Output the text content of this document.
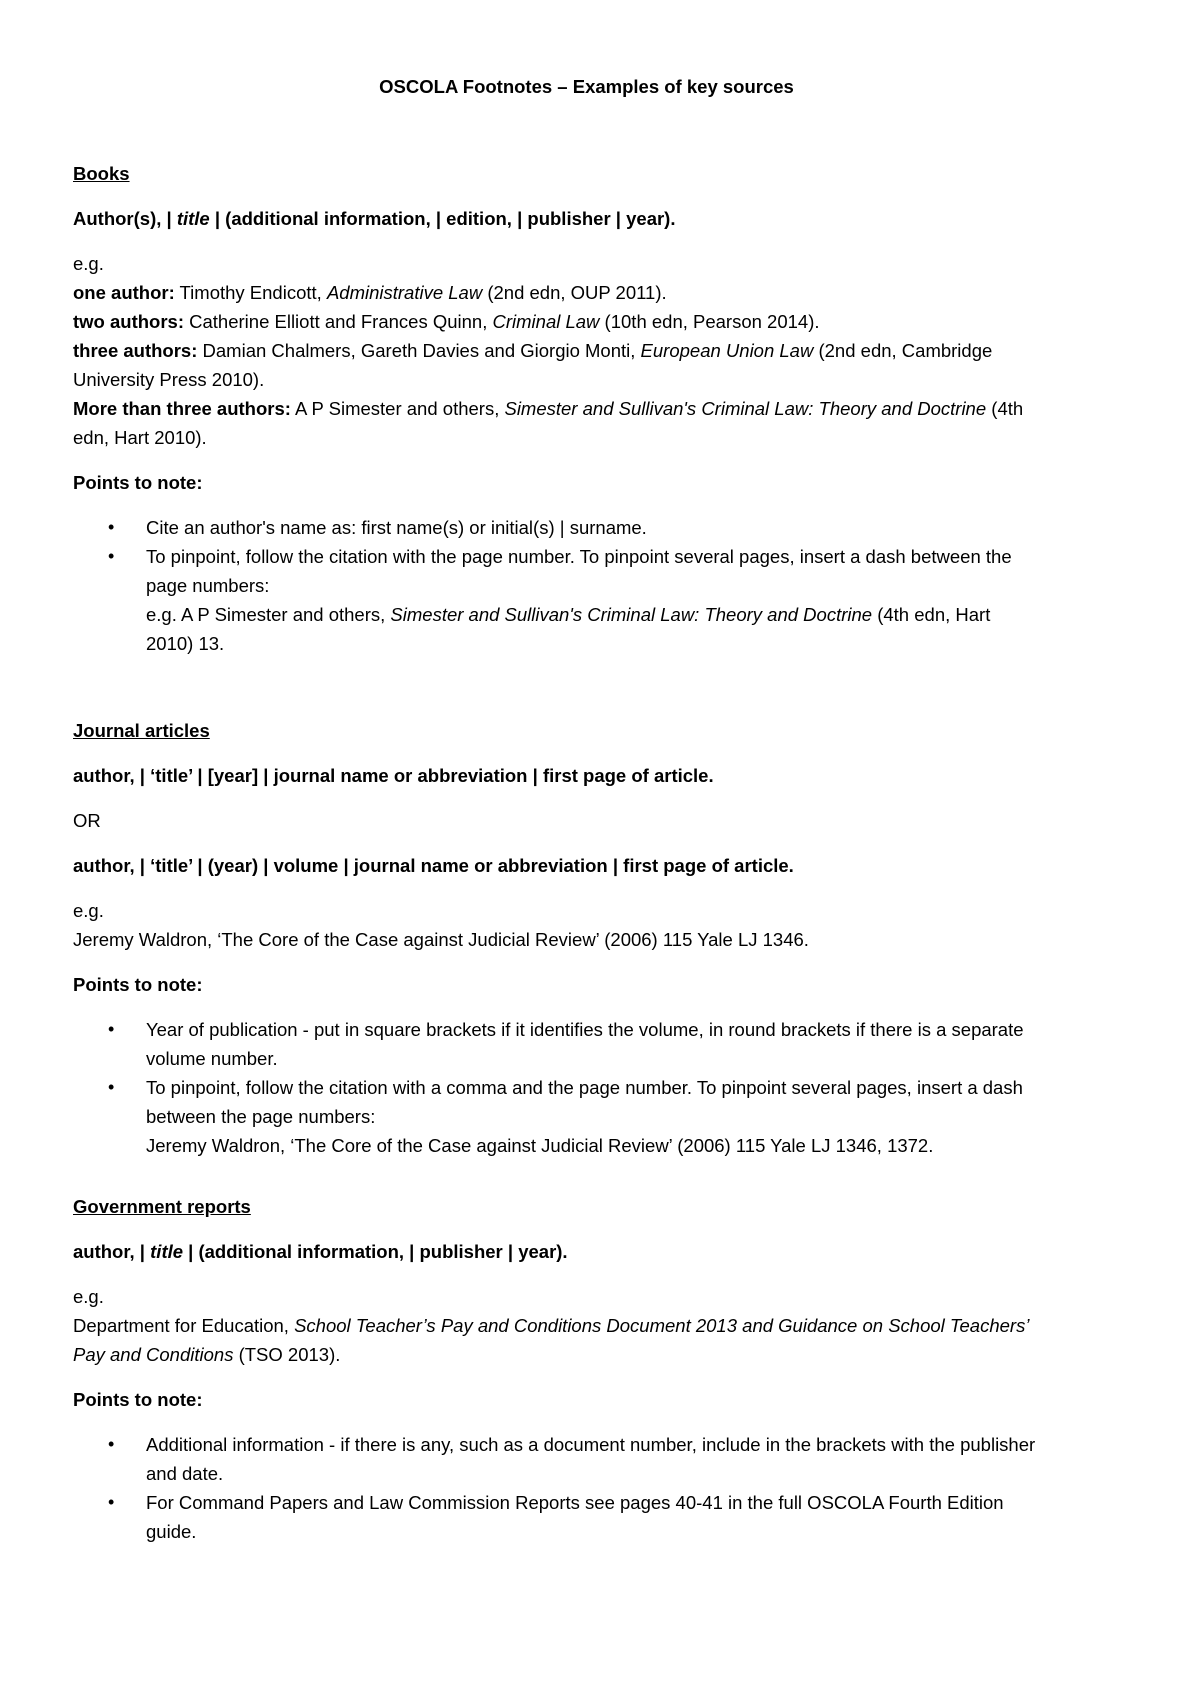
OSCOLA Footnotes – Examples of key sources
Books
Author(s), | title | (additional information, | edition, | publisher | year).

e.g.

one author: Timothy Endicott, Administrative Law (2nd edn, OUP 2011).

two authors: Catherine Elliott and Frances Quinn, Criminal Law (10th edn, Pearson 2014).

three authors: Damian Chalmers, Gareth Davies and Giorgio Monti, European Union Law (2nd edn, Cambridge University Press 2010).

More than three authors: A P Simester and others, Simester and Sullivan's Criminal Law: Theory and Doctrine (4th edn, Hart 2010).

Points to note:
• Cite an author's name as: first name(s) or initial(s) | surname.
• To pinpoint, follow the citation with the page number. To pinpoint several pages, insert a dash between the page numbers:
e.g. A P Simester and others, Simester and Sullivan's Criminal Law: Theory and Doctrine (4th edn, Hart 2010) 13.
Journal articles
author, | ‘title’ | [year] | journal name or abbreviation | first page of article.
OR
author, | ‘title’ | (year) | volume | journal name or abbreviation | first page of article.

e.g.

Jeremy Waldron, ‘The Core of the Case against Judicial Review’ (2006) 115 Yale LJ 1346.

Points to note:
• Year of publication - put in square brackets if it identifies the volume, in round brackets if there is a separate volume number.
• To pinpoint, follow the citation with a comma and the page number. To pinpoint several pages, insert a dash between the page numbers:
Jeremy Waldron, ‘The Core of the Case against Judicial Review’ (2006) 115 Yale LJ 1346, 1372.
Government reports
author, | title | (additional information, | publisher | year).

e.g.

Department for Education, School Teacher’s Pay and Conditions Document 2013 and Guidance on School Teachers’ Pay and Conditions (TSO 2013).

Points to note:
• Additional information - if there is any, such as a document number, include in the brackets with the publisher and date.
• For Command Papers and Law Commission Reports see pages 40-41 in the full OSCOLA Fourth Edition guide.
